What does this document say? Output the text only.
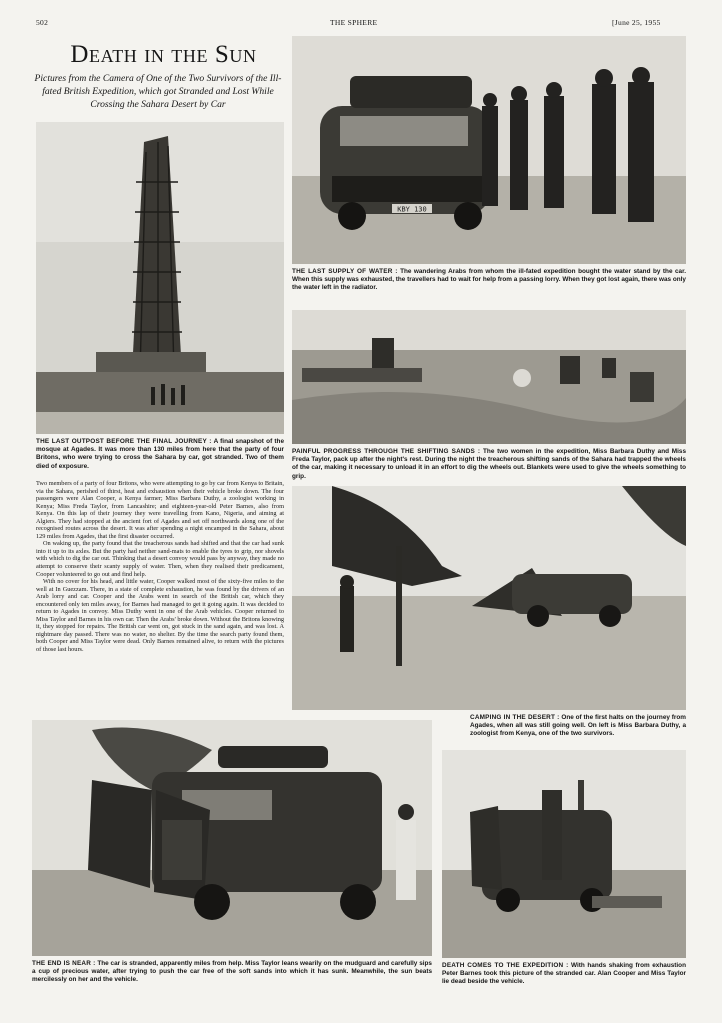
502	THE SPHERE	[June 25, 1955
Death in the Sun
Pictures from the Camera of One of the Two Survivors of the Ill-fated British Expedition, which got Stranded and Lost While Crossing the Sahara Desert by Car
THE LAST OUTPOST BEFORE THE FINAL JOURNEY : A final snapshot of the mosque at Agades. It was more than 130 miles from here that the party of four Britons, who were trying to cross the Sahara by car, got stranded. Two of them died of exposure.

Two members of a party of four Britons, who were attempting to go by car from Kenya to Britain, via the Sahara, perished of thirst, heat and exhaustion when their vehicle broke down. The four passengers were Alan Cooper, a Kenya farmer; Miss Barbara Duthy, a zoologist working in Kenya; Miss Freda Taylor, from Lancashire; and eighteen-year-old Peter Barnes, also from Kenya. On this lap of their journey they were travelling from Kano, Nigeria, and aiming at Algiers. They had stopped at the ancient fort of Agades and set off northwards along one of the recognised routes across the desert. It was after spending a night encamped in the Sahara, about 129 miles from Agades, that the first disaster occurred.

On waking up, the party found that the treacherous sands had shifted and that the car had sunk into it up to its axles. But the party had neither sand-mats to enable the tyres to grip, nor shovels with which to dig the car out. Thinking that a desert convoy would pass by anyway, they made no attempt to conserve their scanty supply of water. Then, when they realised their predicament, Cooper volunteered to go out and find help.

With no cover for his head, and little water, Cooper walked most of the sixty-five miles to the well at In Guezzam. There, in a state of complete exhaustion, he was found by the drivers of an Arab lorry and car. Cooper and the Arabs went in search of the British car, which they encountered only ten miles away, for Barnes had managed to get it going again. It was decided to return to Agades in convoy. Miss Duthy went in one of the Arab vehicles. Cooper returned to Miss Taylor and Barnes in his own car. Then the Arabs' broke down. Without the Britons knowing it, they stopped for repairs. The British car went on, got stuck in the sand again, and was lost. A nightmare day passed. There was no water, no shelter. By the time the search party found them, both Cooper and Miss Taylor were dead. Only Barnes remained alive, to return with the pictures of those last hours.

KBY 130
THE LAST SUPPLY OF WATER : The wandering Arabs from whom the ill-fated expedition bought the water stand by the car. When this supply was exhausted, the travellers had to wait for help from a passing lorry. When they got lost again, there was only the water left in the radiator.
PAINFUL PROGRESS THROUGH THE SHIFTING SANDS : The two women in the expedition, Miss Barbara Duthy and Miss Freda Taylor, pack up after the night's rest. During the night the treacherous shifting sands of the Sahara had trapped the wheels of the car, making it necessary to unload it in an effort to dig the wheels out. Blankets were used to give the wheels something to grip.
CAMPING IN THE DESERT : One of the first halts on the journey from Agades, when all was still going well. On left is Miss Barbara Duthy, a zoologist from Kenya, one of the two survivors.
THE END IS NEAR : The car is stranded, apparently miles from help. Miss Taylor leans wearily on the mudguard and carefully sips a cup of precious water, after trying to push the car free of the soft sands into which it has sunk. Meanwhile, the sun beats mercilessly on her and the vehicle.
DEATH COMES TO THE EXPEDITION : With hands shaking from exhaustion Peter Barnes took this picture of the stranded car. Alan Cooper and Miss Taylor lie dead beside the vehicle.
